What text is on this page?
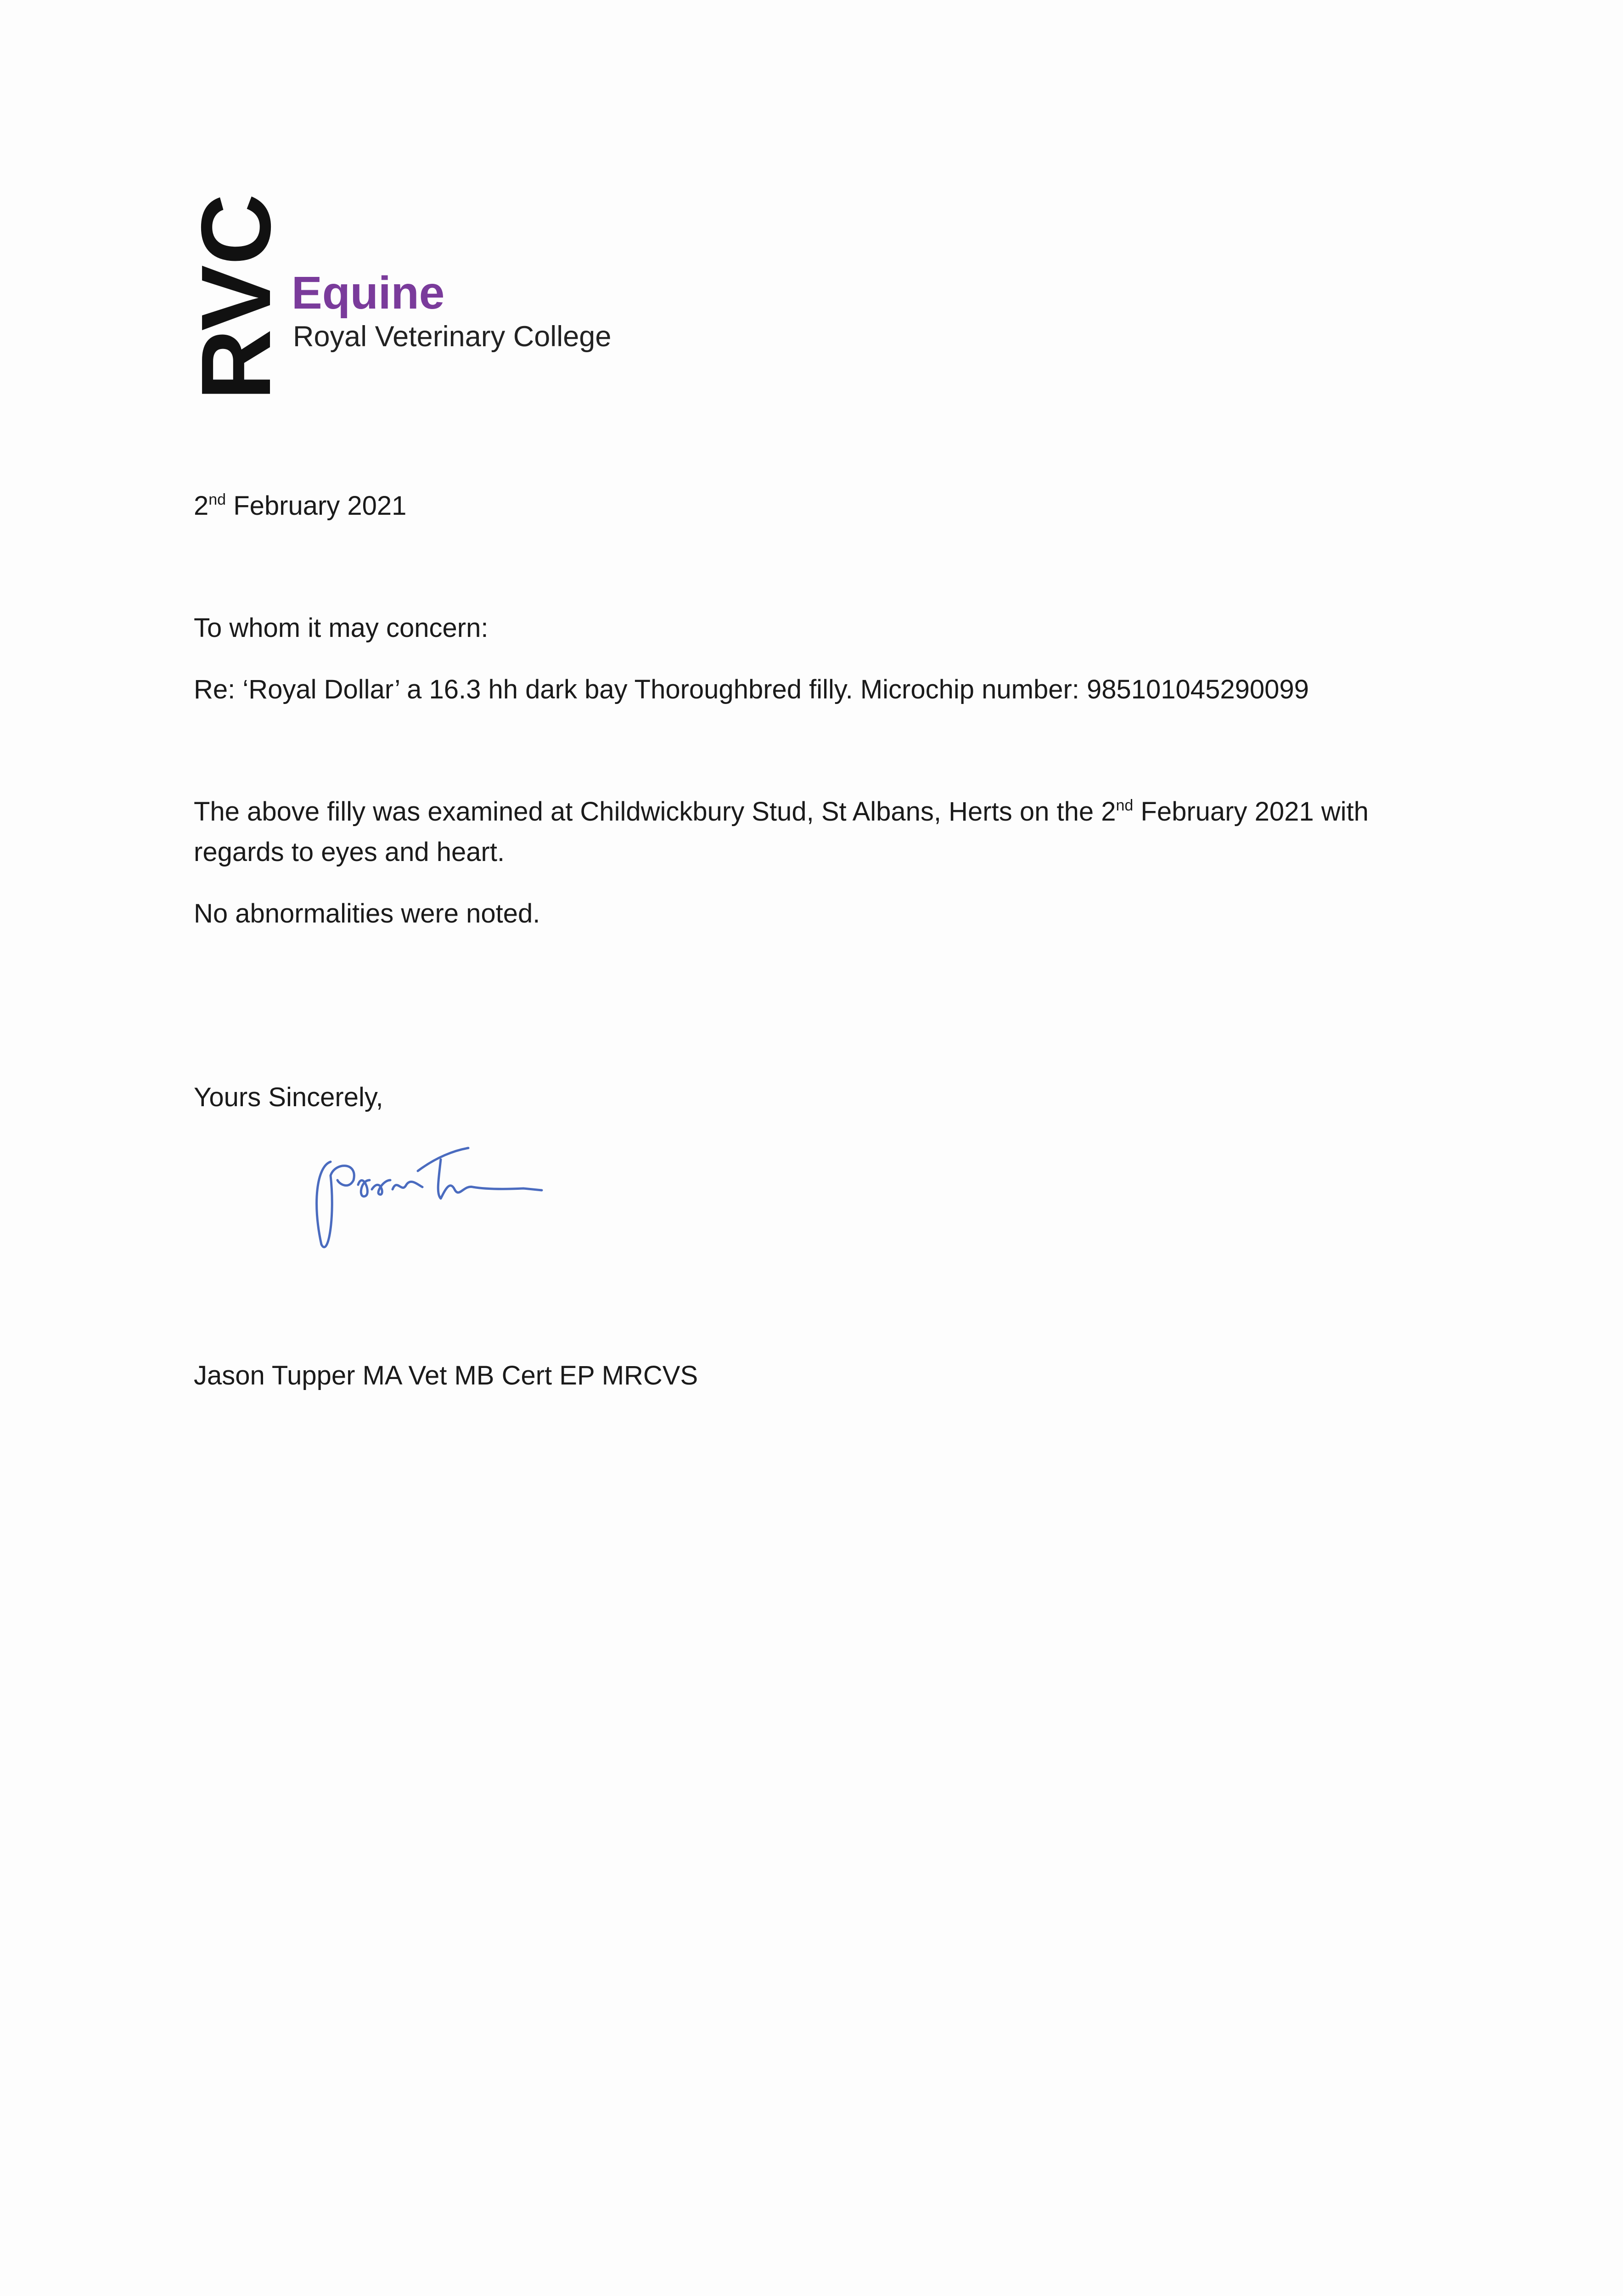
RVC Equine
Royal Veterinary College
2nd February 2021
To whom it may concern:
Re: ‘Royal Dollar’ a 16.3 hh dark bay Thoroughbred filly. Microchip number: 985101045290099
The above filly was examined at Childwickbury Stud, St Albans, Herts on the 2nd February 2021 with regards to eyes and heart.
No abnormalities were noted.
Yours Sincerely,
Jason Tupper MA Vet MB Cert EP MRCVS
